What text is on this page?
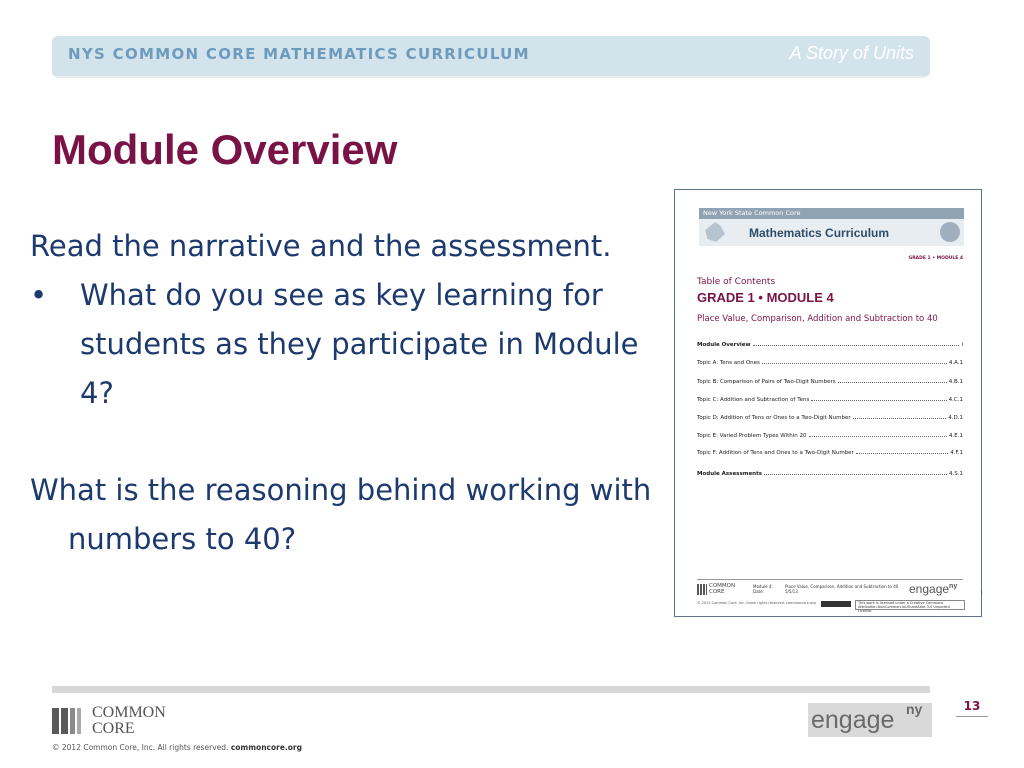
NYS COMMON CORE MATHEMATICS CURRICULUM	A Story of Units
Module Overview

Read the narrative and the assessment.

• What do you see as key learning for students as they participate in Module 4?

What is the reasoning behind working with numbers to 40?

New York State Common Core
Mathematics Curriculum
GRADE 1 • MODULE 4
Table of Contents
GRADE 1 • MODULE 4
Place Value, Comparison, Addition and Subtraction to 40
Module Overview	i
Topic A: Tens and Ones	4.A.1
Topic B: Comparison of Pairs of Two-Digit Numbers	4.B.1
Topic C: Addition and Subtraction of Tens	4.C.1
Topic D: Addition of Tens or Ones to a Two-Digit Number	4.D.1
Topic E: Varied Problem Types Within 20	4.E.1
Topic F: Addition of Tens and Ones to a Two-Digit Number	4.F.1
Module Assessments	4.S.1
COMMON
CORE
Module 4:
Date:
Place Value, Comparison, Addition and Subtraction to 40
5/5/13	engage$^{ny}$
i
© 2013 Common Core, Inc. Some rights reserved. commoncore.org	This work is licensed under a Creative Commons Attribution-NonCommercial-ShareAlike 3.0 Unported License.
COMMON
CORE
© 2012 Common Core, Inc. All rights reserved. commoncore.org
engage ny	13
